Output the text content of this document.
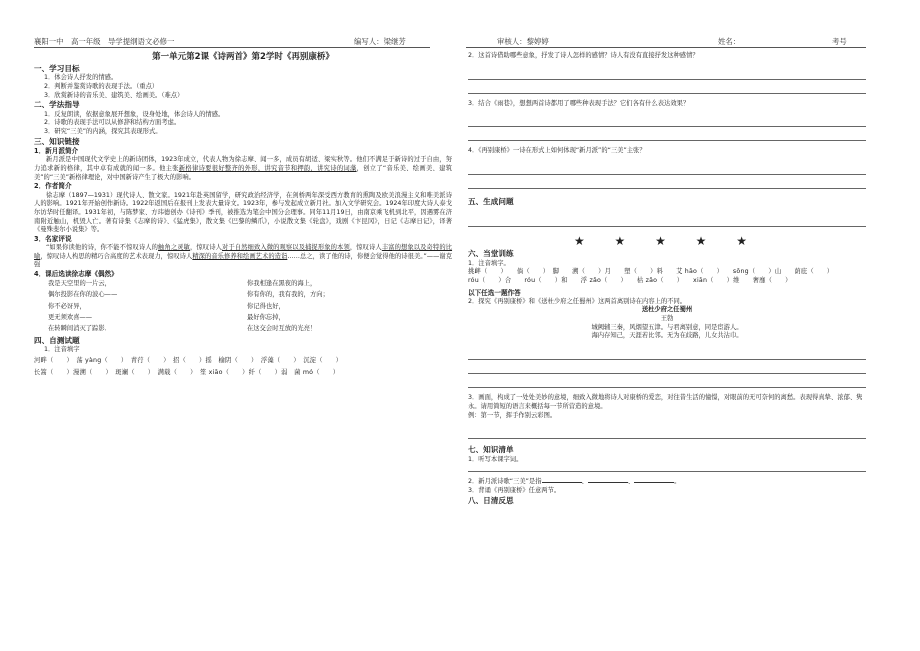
襄阳一中　高一年级　导学提纲语文必修一	编写人：梁继芳	审核人：黎婷婷	姓名：	考号

第一单元第2课《诗两首》第2学时《再别康桥》

一、学习目标

1．体会诗人抒发的情感。

2．判断并鉴赏诗歌的表现手法。（重点）

3．欣赏新诗的音乐美、建筑美、绘画美。（难点）

二、学法指导

1．反复朗读，依据意象展开想象，设身处地，体会诗人的情感。

2．诗歌的表现手法可以从修辞和结构方面考虑。

3．研究“三美”的内涵，探究其表现形式。

三、知识链接

1．新月派简介

新月派是中国现代文学史上的新诗团体，1923年成立，代表人物为徐志摩、闻一多，成员有胡适、梁实秋等。他们不满足于新诗的过于自由，努力追求新的格律，其中卓有成就的闻一多。他主张新格律诗要很好整齐的外形，讲究音节和押韵，讲究诗的词藻，创立了“音乐美、绘画美、建筑美”的“三美”新格律理论，对中国新诗产生了极大的影响。

2．作者简介

徐志摩（1897—1931）现代诗人、散文家。1921年赴英国留学，研究政治经济学，在剑桥两年深受西方教育的熏陶及欧美浪漫主义和唯美派诗人的影响。1921年开始创作新诗。1922年返国后在报刊上发表大量诗文。1923年，参与发起成立新月社。加入文学研究会。1924年印度大诗人泰戈尔访华时任翻译。1931年初，与陈梦家、方玮德创办《诗刊》季刊，被推选为笔会中国分会理事。同年11月19日，由南京乘飞机到北平，因遇雾在济南附近触山，机毁人亡。著有诗集《志摩的诗》、《猛虎集》，散文集《巴黎的鳞爪》，小说散文集《轮盘》，戏剧《卞昆冈》，日记《志摩日记》，译著《曼殊斐尔小说集》等。

3．名家评说

“如果你读他的诗，你不能不惊叹诗人的触角之灵敏，惊叹诗人对于自然细致入微的观察以及捕捉形象的本领，惊叹诗人丰富的想象以及奇特的比喻，惊叹诗人构思的精巧合高度的艺术表现力，惊叹诗人精深的音乐修养和绘画艺术的造诣……总之，读了他的诗，你便会觉得他的诗很美。”——谢克强

4．课后选读徐志摩《偶然》

我是天空里的一片云，	你我相逢在黑夜的海上，
偶尔投影在你的波心——	你有你的，我有我的，方向；
你不必讶异，	你记得也好，
更无须欢喜——	最好你忘掉，
在转瞬间消灭了踪影．	在这交会时互放的光亮！

四、自测试题

1．注音填字

河畔（　　）　荡 yàng（　　）　青荇（　　）　招（　　）摇　榆阴（　　）　浮藻（　　）　沉淀（　　）

长篙（　　）漫溯（　　）　斑斓（　　）　满载（　　）　笙 xiāo（　　）纤（　　）弱　菌 mó（　　）

2．这首诗借助哪些意象，抒发了诗人怎样的感情？诗人有没有直接抒发这种感情？

3．结合《雨巷》，想想两首诗都用了哪些种表现手法？它们各有什么表达效果？

4．《再别康桥》一诗在形式上如何体现“新月派”的“三美”主张？

五、生成问题

★ ★ ★ ★ ★

六、当堂训练

1．注音填字。

挑衅（　　）　　倘（　　）　脚　　溯（　　）月　　塑（　　）料　　艾 hāo（　　）　　sōng（　　）山　　荫庇（　　）

róu（　　）合　　róu（　　）和　　浮 zǎo（　　）　　枯 zǎo（　　）　　xiān（　　）维　　奢靡（　　）

以下任选一题作答

2．探究《再别康桥》和《送杜少府之任蜀州》这两首离别诗在内容上的不同。

送杜少府之任蜀州

王勃

城阙辅三秦，风烟望五津。与君离别意，同是宦游人。

海内存知己，天涯若比邻。无为在歧路，儿女共沾巾。

3．画面，构成了一处处美妙的意境，细致入微地将诗人对康桥的爱恋，对往昔生活的憧憬，对眼前的无可奈何的离愁。表现得真挚、浓郁、隽永。请用简短的语言来概括每一节所营造的意境。

例：第一节，挥手作别云彩图。

七、知识清单

1．听写本课字词。

2．新月派诗歌“三美”是指	、	、	。

3．背诵《再别康桥》任意两节。

八、日清反思
